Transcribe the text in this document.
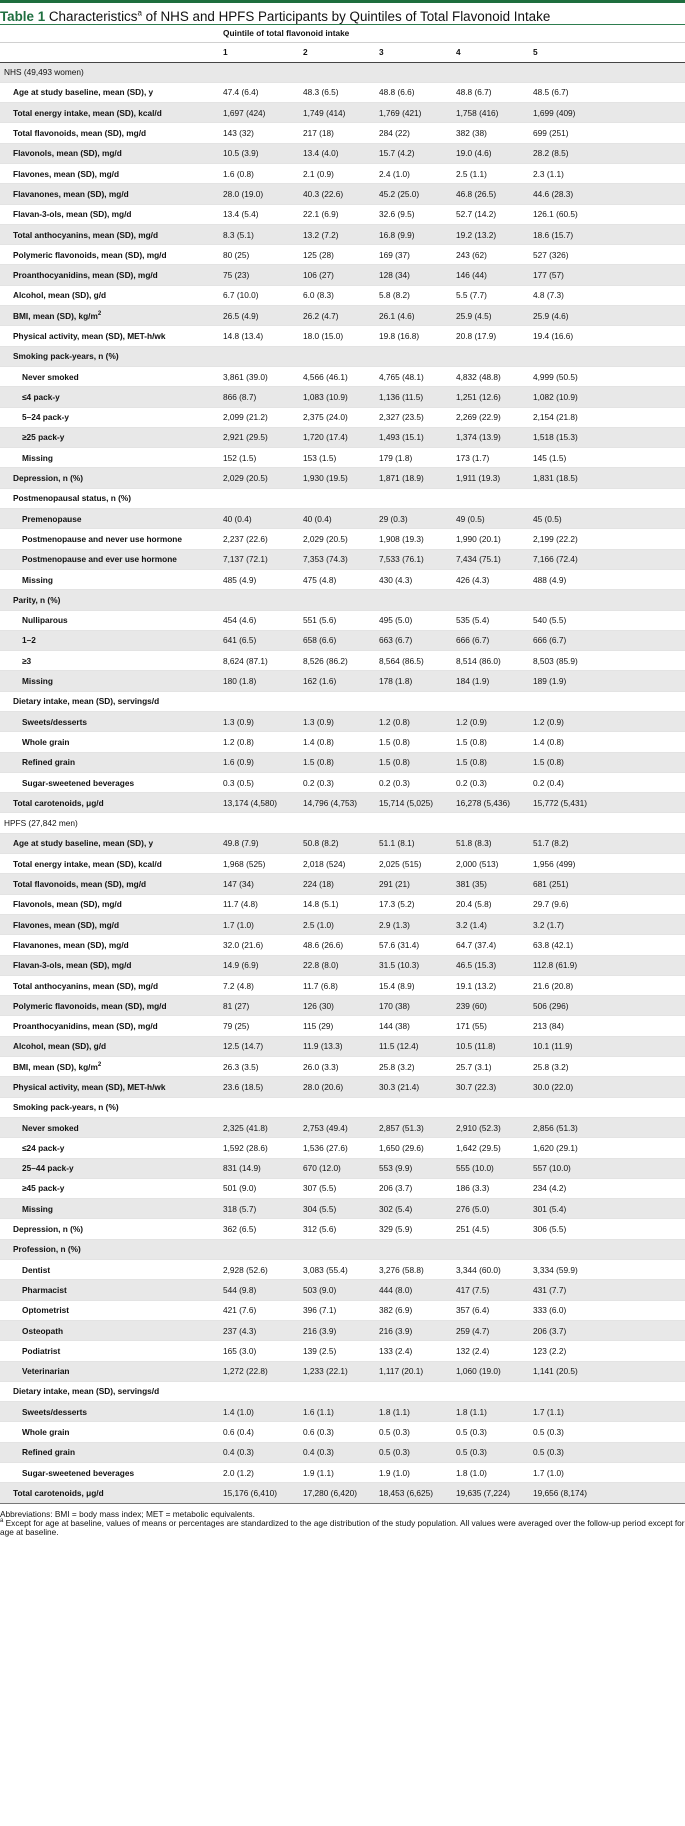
Table 1 Characteristics$^a$ of NHS and HPFS Participants by Quintiles of Total Flavonoid Intake
	Quintile of total flavonoid intake				
	1	2	3	4	5
NHS (49,493 women)					
Age at study baseline, mean (SD), y	47.4 (6.4)	48.3 (6.5)	48.8 (6.6)	48.8 (6.7)	48.5 (6.7)
Total energy intake, mean (SD), kcal/d	1,697 (424)	1,749 (414)	1,769 (421)	1,758 (416)	1,699 (409)
Total flavonoids, mean (SD), mg/d	143 (32)	217 (18)	284 (22)	382 (38)	699 (251)
Flavonols, mean (SD), mg/d	10.5 (3.9)	13.4 (4.0)	15.7 (4.2)	19.0 (4.6)	28.2 (8.5)
Flavones, mean (SD), mg/d	1.6 (0.8)	2.1 (0.9)	2.4 (1.0)	2.5 (1.1)	2.3 (1.1)
Flavanones, mean (SD), mg/d	28.0 (19.0)	40.3 (22.6)	45.2 (25.0)	46.8 (26.5)	44.6 (28.3)
Flavan-3-ols, mean (SD), mg/d	13.4 (5.4)	22.1 (6.9)	32.6 (9.5)	52.7 (14.2)	126.1 (60.5)
Total anthocyanins, mean (SD), mg/d	8.3 (5.1)	13.2 (7.2)	16.8 (9.9)	19.2 (13.2)	18.6 (15.7)
Polymeric flavonoids, mean (SD), mg/d	80 (25)	125 (28)	169 (37)	243 (62)	527 (326)
Proanthocyanidins, mean (SD), mg/d	75 (23)	106 (27)	128 (34)	146 (44)	177 (57)
Alcohol, mean (SD), g/d	6.7 (10.0)	6.0 (8.3)	5.8 (8.2)	5.5 (7.7)	4.8 (7.3)
BMI, mean (SD), $kg/m^2$	26.5 (4.9)	26.2 (4.7)	26.1 (4.6)	25.9 (4.5)	25.9 (4.6)
Physical activity, mean (SD), MET-h/wk	14.8 (13.4)	18.0 (15.0)	19.8 (16.8)	20.8 (17.9)	19.4 (16.6)
Smoking pack-years, n (%)					
Never smoked	3,861 (39.0)	4,566 (46.1)	4,765 (48.1)	4,832 (48.8)	4,999 (50.5)
≤4 pack-y	866 (8.7)	1,083 (10.9)	1,136 (11.5)	1,251 (12.6)	1,082 (10.9)
5–24 pack-y	2,099 (21.2)	2,375 (24.0)	2,327 (23.5)	2,269 (22.9)	2,154 (21.8)
≥25 pack-y	2,921 (29.5)	1,720 (17.4)	1,493 (15.1)	1,374 (13.9)	1,518 (15.3)
Missing	152 (1.5)	153 (1.5)	179 (1.8)	173 (1.7)	145 (1.5)
Depression, n (%)	2,029 (20.5)	1,930 (19.5)	1,871 (18.9)	1,911 (19.3)	1,831 (18.5)
Postmenopausal status, n (%)					
Premenopause	40 (0.4)	40 (0.4)	29 (0.3)	49 (0.5)	45 (0.5)
Postmenopause and never use hormone	2,237 (22.6)	2,029 (20.5)	1,908 (19.3)	1,990 (20.1)	2,199 (22.2)
Postmenopause and ever use hormone	7,137 (72.1)	7,353 (74.3)	7,533 (76.1)	7,434 (75.1)	7,166 (72.4)
Missing	485 (4.9)	475 (4.8)	430 (4.3)	426 (4.3)	488 (4.9)
Parity, n (%)					
Nulliparous	454 (4.6)	551 (5.6)	495 (5.0)	535 (5.4)	540 (5.5)
1–2	641 (6.5)	658 (6.6)	663 (6.7)	666 (6.7)	666 (6.7)
≥3	8,624 (87.1)	8,526 (86.2)	8,564 (86.5)	8,514 (86.0)	8,503 (85.9)
Missing	180 (1.8)	162 (1.6)	178 (1.8)	184 (1.9)	189 (1.9)
Dietary intake, mean (SD), servings/d					
Sweets/desserts	1.3 (0.9)	1.3 (0.9)	1.2 (0.8)	1.2 (0.9)	1.2 (0.9)
Whole grain	1.2 (0.8)	1.4 (0.8)	1.5 (0.8)	1.5 (0.8)	1.4 (0.8)
Refined grain	1.6 (0.9)	1.5 (0.8)	1.5 (0.8)	1.5 (0.8)	1.5 (0.8)
Sugar-sweetened beverages	0.3 (0.5)	0.2 (0.3)	0.2 (0.3)	0.2 (0.3)	0.2 (0.4)
Total carotenoids, μg/d	13,174 (4,580)	14,796 (4,753)	15,714 (5,025)	16,278 (5,436)	15,772 (5,431)
HPFS (27,842 men)					
Age at study baseline, mean (SD), y	49.8 (7.9)	50.8 (8.2)	51.1 (8.1)	51.8 (8.3)	51.7 (8.2)
Total energy intake, mean (SD), kcal/d	1,968 (525)	2,018 (524)	2,025 (515)	2,000 (513)	1,956 (499)
Total flavonoids, mean (SD), mg/d	147 (34)	224 (18)	291 (21)	381 (35)	681 (251)
Flavonols, mean (SD), mg/d	11.7 (4.8)	14.8 (5.1)	17.3 (5.2)	20.4 (5.8)	29.7 (9.6)
Flavones, mean (SD), mg/d	1.7 (1.0)	2.5 (1.0)	2.9 (1.3)	3.2 (1.4)	3.2 (1.7)
Flavanones, mean (SD), mg/d	32.0 (21.6)	48.6 (26.6)	57.6 (31.4)	64.7 (37.4)	63.8 (42.1)
Flavan-3-ols, mean (SD), mg/d	14.9 (6.9)	22.8 (8.0)	31.5 (10.3)	46.5 (15.3)	112.8 (61.9)
Total anthocyanins, mean (SD), mg/d	7.2 (4.8)	11.7 (6.8)	15.4 (8.9)	19.1 (13.2)	21.6 (20.8)
Polymeric flavonoids, mean (SD), mg/d	81 (27)	126 (30)	170 (38)	239 (60)	506 (296)
Proanthocyanidins, mean (SD), mg/d	79 (25)	115 (29)	144 (38)	171 (55)	213 (84)
Alcohol, mean (SD), g/d	12.5 (14.7)	11.9 (13.3)	11.5 (12.4)	10.5 (11.8)	10.1 (11.9)
BMI, mean (SD), $kg/m^2$	26.3 (3.5)	26.0 (3.3)	25.8 (3.2)	25.7 (3.1)	25.8 (3.2)
Physical activity, mean (SD), MET-h/wk	23.6 (18.5)	28.0 (20.6)	30.3 (21.4)	30.7 (22.3)	30.0 (22.0)
Smoking pack-years, n (%)					
Never smoked	2,325 (41.8)	2,753 (49.4)	2,857 (51.3)	2,910 (52.3)	2,856 (51.3)
≤24 pack-y	1,592 (28.6)	1,536 (27.6)	1,650 (29.6)	1,642 (29.5)	1,620 (29.1)
25–44 pack-y	831 (14.9)	670 (12.0)	553 (9.9)	555 (10.0)	557 (10.0)
≥45 pack-y	501 (9.0)	307 (5.5)	206 (3.7)	186 (3.3)	234 (4.2)
Missing	318 (5.7)	304 (5.5)	302 (5.4)	276 (5.0)	301 (5.4)
Depression, n (%)	362 (6.5)	312 (5.6)	329 (5.9)	251 (4.5)	306 (5.5)
Profession, n (%)					
Dentist	2,928 (52.6)	3,083 (55.4)	3,276 (58.8)	3,344 (60.0)	3,334 (59.9)
Pharmacist	544 (9.8)	503 (9.0)	444 (8.0)	417 (7.5)	431 (7.7)
Optometrist	421 (7.6)	396 (7.1)	382 (6.9)	357 (6.4)	333 (6.0)
Osteopath	237 (4.3)	216 (3.9)	216 (3.9)	259 (4.7)	206 (3.7)
Podiatrist	165 (3.0)	139 (2.5)	133 (2.4)	132 (2.4)	123 (2.2)
Veterinarian	1,272 (22.8)	1,233 (22.1)	1,117 (20.1)	1,060 (19.0)	1,141 (20.5)
Dietary intake, mean (SD), servings/d					
Sweets/desserts	1.4 (1.0)	1.6 (1.1)	1.8 (1.1)	1.8 (1.1)	1.7 (1.1)
Whole grain	0.6 (0.4)	0.6 (0.3)	0.5 (0.3)	0.5 (0.3)	0.5 (0.3)
Refined grain	0.4 (0.3)	0.4 (0.3)	0.5 (0.3)	0.5 (0.3)	0.5 (0.3)
Sugar-sweetened beverages	2.0 (1.2)	1.9 (1.1)	1.9 (1.0)	1.8 (1.0)	1.7 (1.0)
Total carotenoids, μg/d	15,176 (6,410)	17,280 (6,420)	18,453 (6,625)	19,635 (7,224)	19,656 (8,174)

Abbreviations: BMI = body mass index; MET = metabolic equivalents.

$^a$ Except for age at baseline, values of means or percentages are standardized to the age distribution of the study population. All values were averaged over the follow-up period except for age at baseline.
